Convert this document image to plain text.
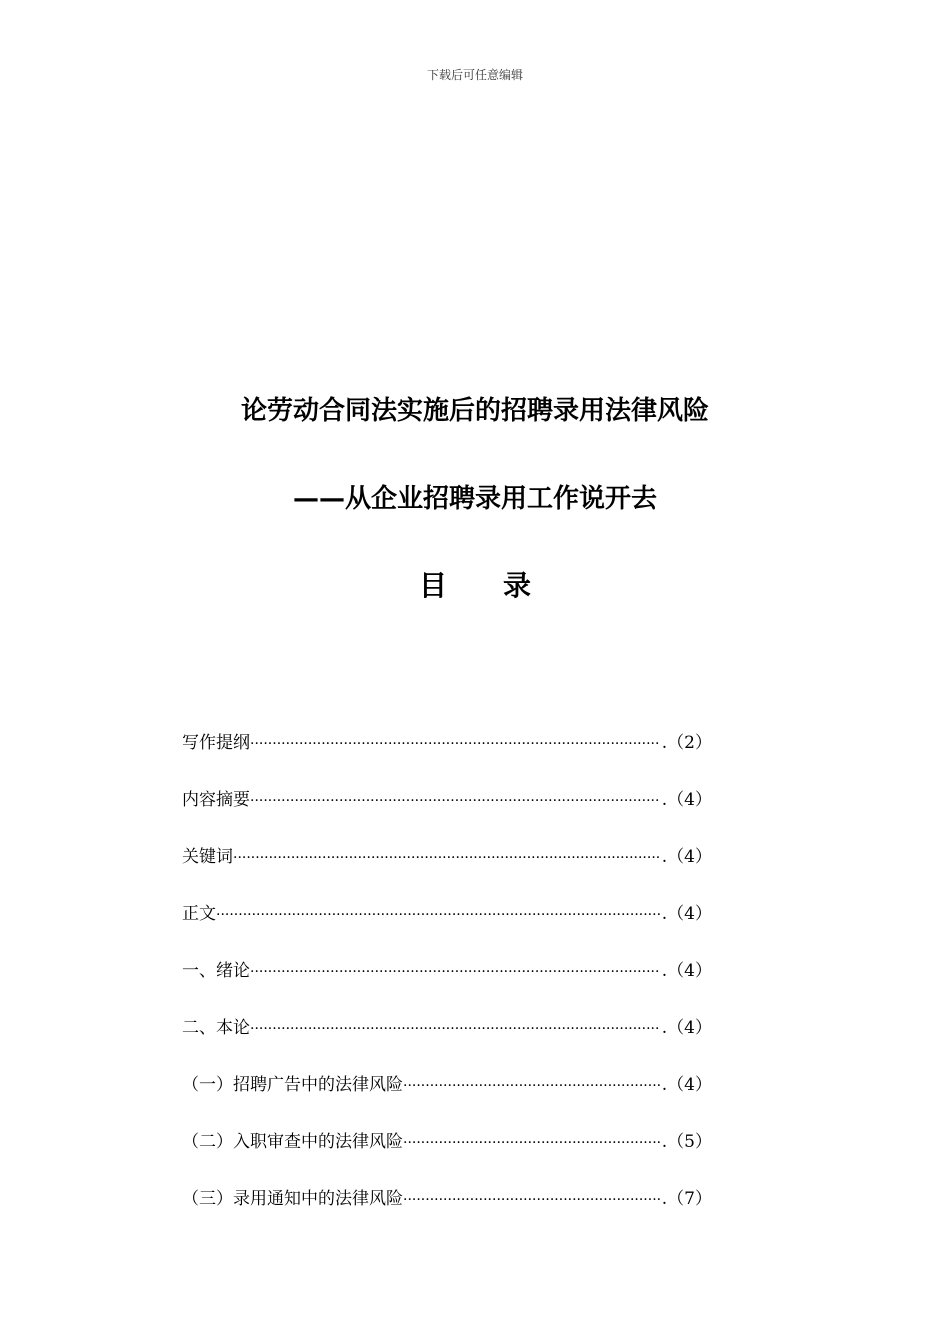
下载后可任意编辑
论劳动合同法实施后的招聘录用法律风险
——从企业招聘录用工作说开去
目录
写作提纲 ·····	.（2）
内容摘要 ·····	.（4）
关键词 ·····	.（4）
正文 ·····	.（4）
一、绪论 ·····	.（4）
二、本论 ·····	.（4）
（一）招聘广告中的法律风险 ·····	.（4）
（二）入职审查中的法律风险 ·····	.（5）
（三）录用通知中的法律风险 ·····	.（7）
